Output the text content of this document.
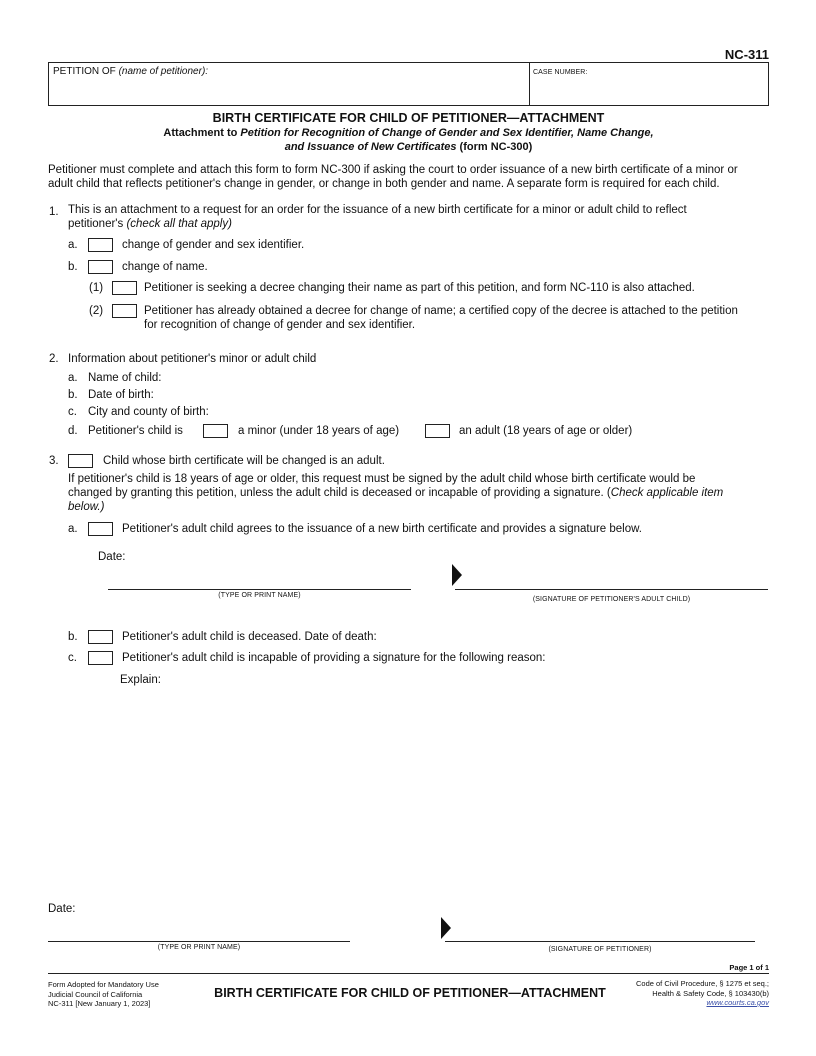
NC-311
PETITION OF (name of petitioner):	CASE NUMBER:
BIRTH CERTIFICATE FOR CHILD OF PETITIONER—ATTACHMENT
Attachment to Petition for Recognition of Change of Gender and Sex Identifier, Name Change,
and Issuance of New Certificates (form NC-300)
Petitioner must complete and attach this form to form NC-300 if asking the court to order issuance of a new birth certificate of a minor or
adult child that reflects petitioner's change in gender, or change in both gender and name. A separate form is required for each child.
1. This is an attachment to a request for an order for the issuance of a new birth certificate for a minor or adult child to reflect
petitioner's (check all that apply)
a.	change of gender and sex identifier.
b.	change of name.
(1)	Petitioner is seeking a decree changing their name as part of this petition, and form NC-110 is also attached.
(2)	Petitioner has already obtained a decree for change of name; a certified copy of the decree is attached to the petition
for recognition of change of gender and sex identifier.
2. Information about petitioner's minor or adult child
a. Name of child:
b. Date of birth:
c. City and county of birth:
d. Petitioner's child is	a minor (under 18 years of age)	an adult (18 years of age or older)
3.	Child whose birth certificate will be changed is an adult.
If petitioner's child is 18 years of age or older, this request must be signed by the adult child whose birth certificate would be
changed by granting this petition, unless the adult child is deceased or incapable of providing a signature. (Check applicable item
below.)
a.	Petitioner's adult child agrees to the issuance of a new birth certificate and provides a signature below.
Date:
(TYPE OR PRINT NAME)
(SIGNATURE OF PETITIONER'S ADULT CHILD)
b.	Petitioner's adult child is deceased. Date of death:
c.	Petitioner's adult child is incapable of providing a signature for the following reason:
Explain:
Date:
(TYPE OR PRINT NAME)	(SIGNATURE OF PETITIONER)
Page 1 of 1
Form Adopted for Mandatory Use
Judicial Council of California
NC-311 [New January 1, 2023]
BIRTH CERTIFICATE FOR CHILD OF PETITIONER—ATTACHMENT
Code of Civil Procedure, § 1275 et seq.;
Health & Safety Code, § 103430(b)
www.courts.ca.gov
